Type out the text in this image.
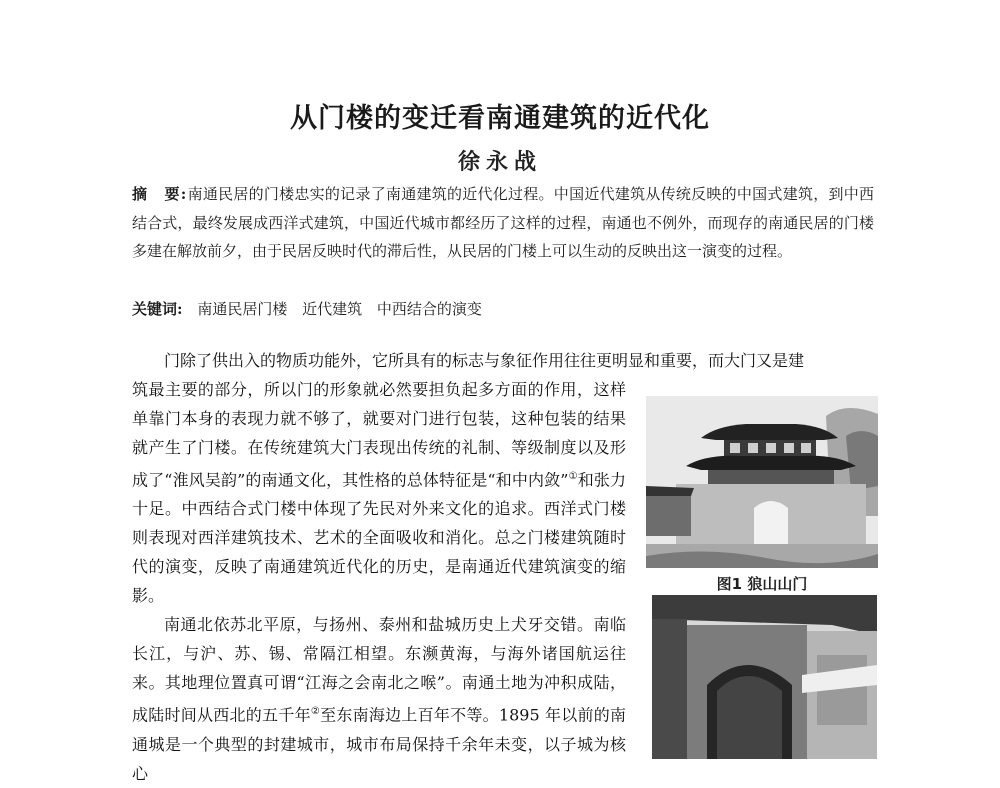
从门楼的变迁看南通建筑的近代化
徐永战
摘　要:南通民居的门楼忠实的记录了南通建筑的近代化过程。中国近代建筑从传统反映的中国式建筑，到中西结合式，最终发展成西洋式建筑，中国近代城市都经历了这样的过程，南通也不例外，而现存的南通民居的门楼多建在解放前夕，由于民居反映时代的滞后性，从民居的门楼上可以生动的反映出这一演变的过程。
关键词: 南通民居门楼 近代建筑 中西结合的演变

门除了供出入的物质功能外，它所具有的标志与象征作用往往更明显和重要，而大门又是建

筑最主要的部分，所以门的形象就必然要担负起多方面的作用，这样单靠门本身的表现力就不够了，就要对门进行包装，这种包装的结果就产生了门楼。在传统建筑大门表现出传统的礼制、等级制度以及形成了“淮风吴韵”的南通文化，其性格的总体特征是“和中内敛”①和张力十足。中西结合式门楼中体现了先民对外来文化的追求。西洋式门楼则表现对西洋建筑技术、艺术的全面吸收和消化。总之门楼建筑随时代的演变，反映了南通建筑近代化的历史，是南通近代建筑演变的缩影。

南通北依苏北平原，与扬州、泰州和盐城历史上犬牙交错。南临长江，与沪、苏、锡、常隔江相望。东濒黄海，与海外诸国航运往来。其地理位置真可谓“江海之会南北之喉”。南通土地为冲积成陆，成陆时间从西北的五千年②至东南海边上百年不等。1895 年以前的南通城是一个典型的封建城市，城市布局保持千余年未变，以子城为核心

图1 狼山山门
